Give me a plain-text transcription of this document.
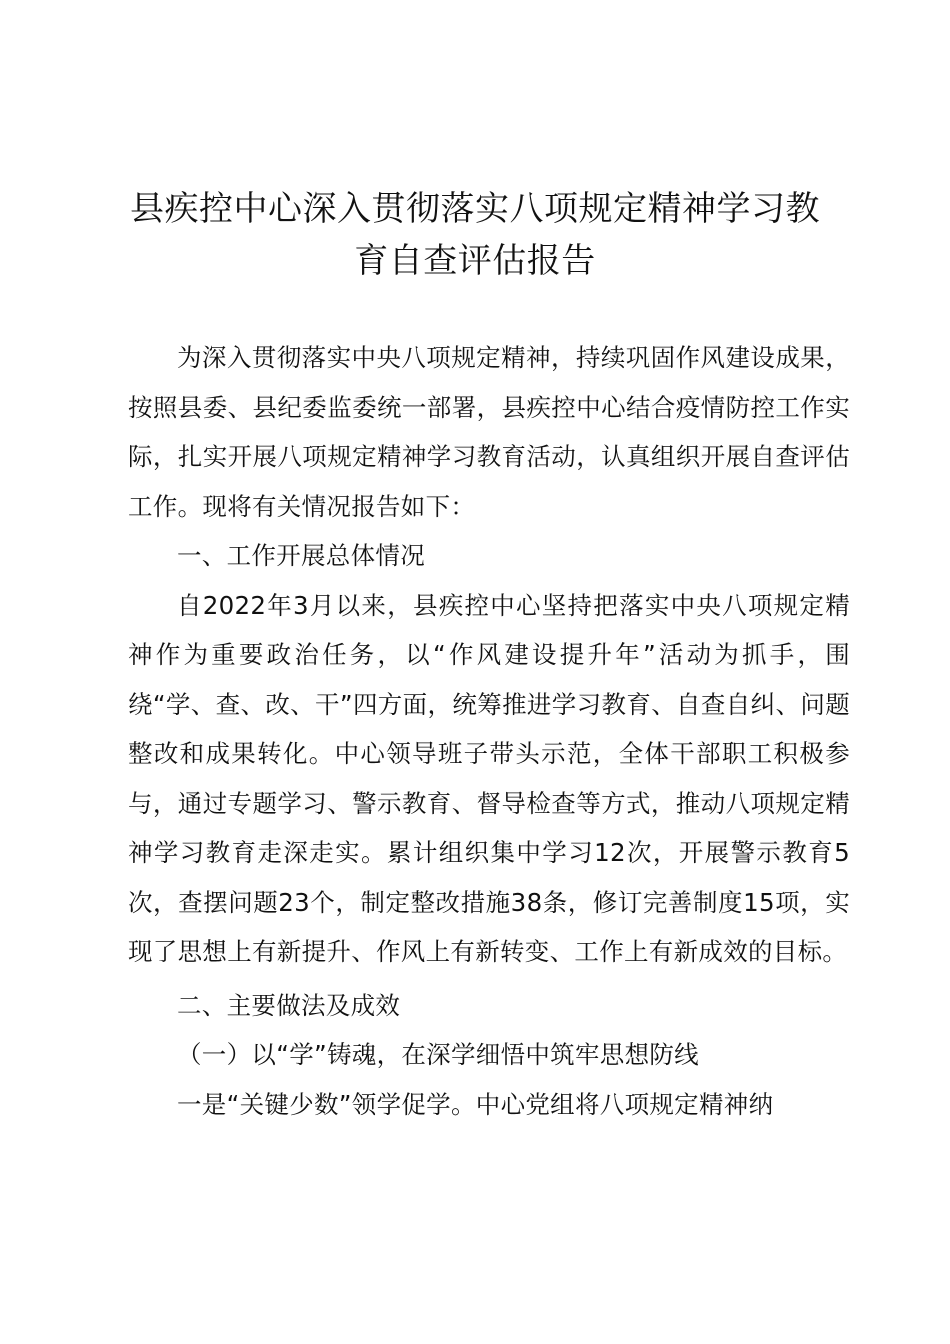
县疾控中心深入贯彻落实八项规定精神学习教
育自查评估报告

为深入贯彻落实中央八项规定精神，持续巩固作风建设成果，按照县委、县纪委监委统一部署，县疾控中心结合疫情防控工作实际，扎实开展八项规定精神学习教育活动，认真组织开展自查评估工作。现将有关情况报告如下：

一、工作开展总体情况

自2022年3月以来，县疾控中心坚持把落实中央八项规定精神作为重要政治任务，以“作风建设提升年”活动为抓手，围绕“学、查、改、干”四方面，统筹推进学习教育、自查自纠、问题整改和成果转化。中心领导班子带头示范，全体干部职工积极参与，通过专题学习、警示教育、督导检查等方式，推动八项规定精神学习教育走深走实。累计组织集中学习12次，开展警示教育5次，查摆问题23个，制定整改措施38条，修订完善制度15项，实现了思想上有新提升、作风上有新转变、工作上有新成效的目标。

二、主要做法及成效

（一）以“学”铸魂，在深学细悟中筑牢思想防线

一是“关键少数”领学促学。中心党组将八项规定精神纳
